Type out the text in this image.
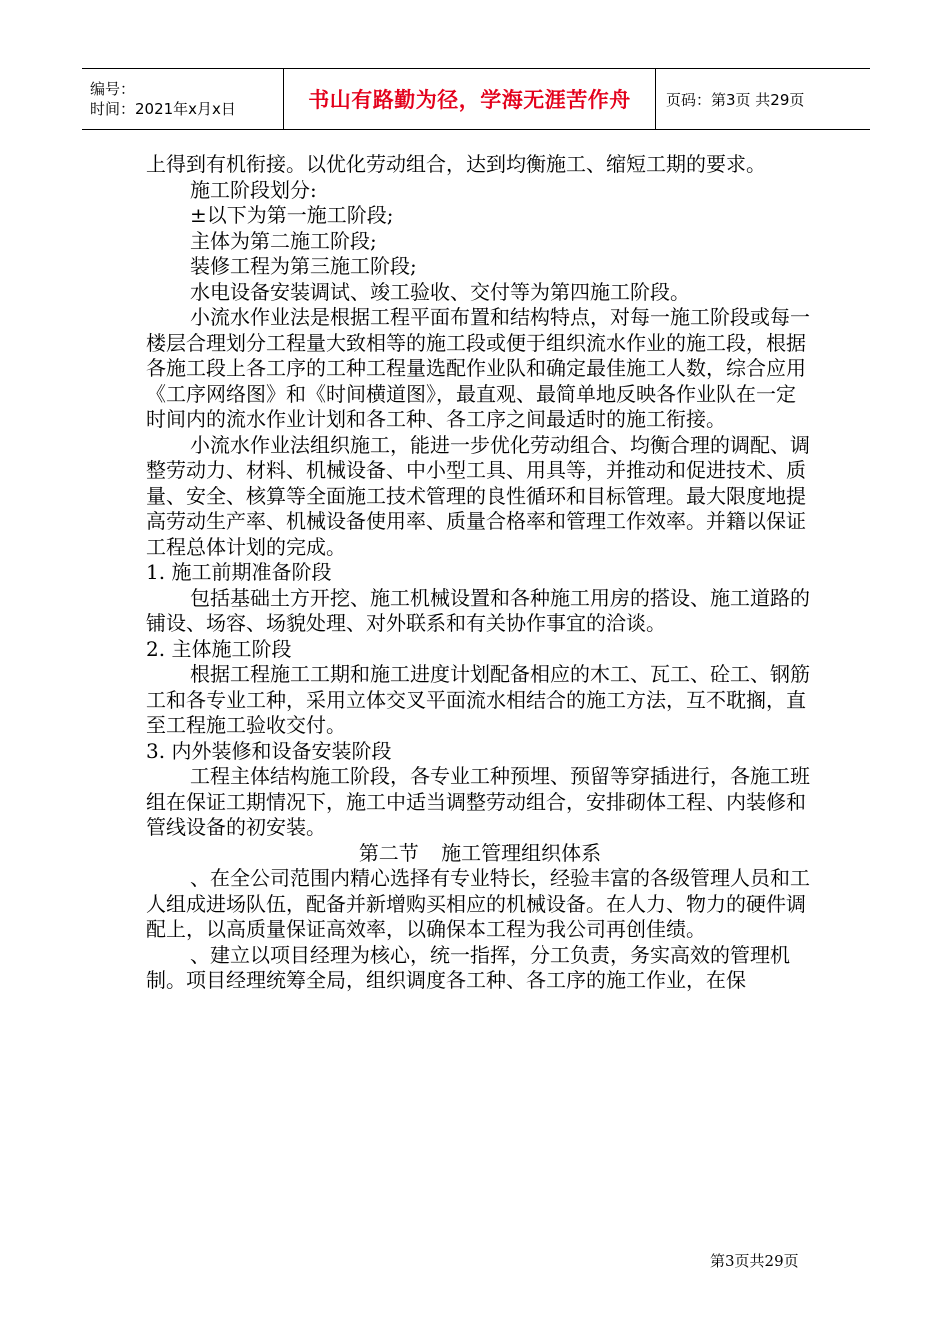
编号：
时间：2021年x月x日	书山有路勤为径，学海无涯苦作舟	页码：第3页 共29页

上得到有机衔接。以优化劳动组合，达到均衡施工、缩短工期的要求。

施工阶段划分:

±以下为第一施工阶段;

主体为第二施工阶段;

装修工程为第三施工阶段;

水电设备安装调试、竣工验收、交付等为第四施工阶段。

小流水作业法是根据工程平面布置和结构特点，对每一施工阶段或每一楼层合理划分工程量大致相等的施工段或便于组织流水作业的施工段，根据各施工段上各工序的工种工程量选配作业队和确定最佳施工人数，综合应用《工序网络图》和《时间横道图》，最直观、最简单地反映各作业队在一定时间内的流水作业计划和各工种、各工序之间最适时的施工衔接。

小流水作业法组织施工，能进一步优化劳动组合、均衡合理的调配、调整劳动力、材料、机械设备、中小型工具、用具等，并推动和促进技术、质量、安全、核算等全面施工技术管理的良性循环和目标管理。最大限度地提高劳动生产率、机械设备使用率、质量合格率和管理工作效率。并籍以保证工程总体计划的完成。

1. 施工前期准备阶段

包括基础土方开挖、施工机械设置和各种施工用房的搭设、施工道路的铺设、场容、场貌处理、对外联系和有关协作事宜的洽谈。

2. 主体施工阶段

根据工程施工工期和施工进度计划配备相应的木工、瓦工、砼工、钢筋工和各专业工种，采用立体交叉平面流水相结合的施工方法，互不耽搁，直至工程施工验收交付。

3. 内外装修和设备安装阶段

工程主体结构施工阶段，各专业工种预埋、预留等穿插进行，各施工班组在保证工期情况下，施工中适当调整劳动组合，安排砌体工程、内装修和管线设备的初安装。

第二节 施工管理组织体系

、在全公司范围内精心选择有专业特长，经验丰富的各级管理人员和工人组成进场队伍，配备并新增购买相应的机械设备。在人力、物力的硬件调配上，以高质量保证高效率，以确保本工程为我公司再创佳绩。

、建立以项目经理为核心，统一指挥，分工负责，务实高效的管理机制。项目经理统筹全局，组织调度各工种、各工序的施工作业，在保

第3页共29页
